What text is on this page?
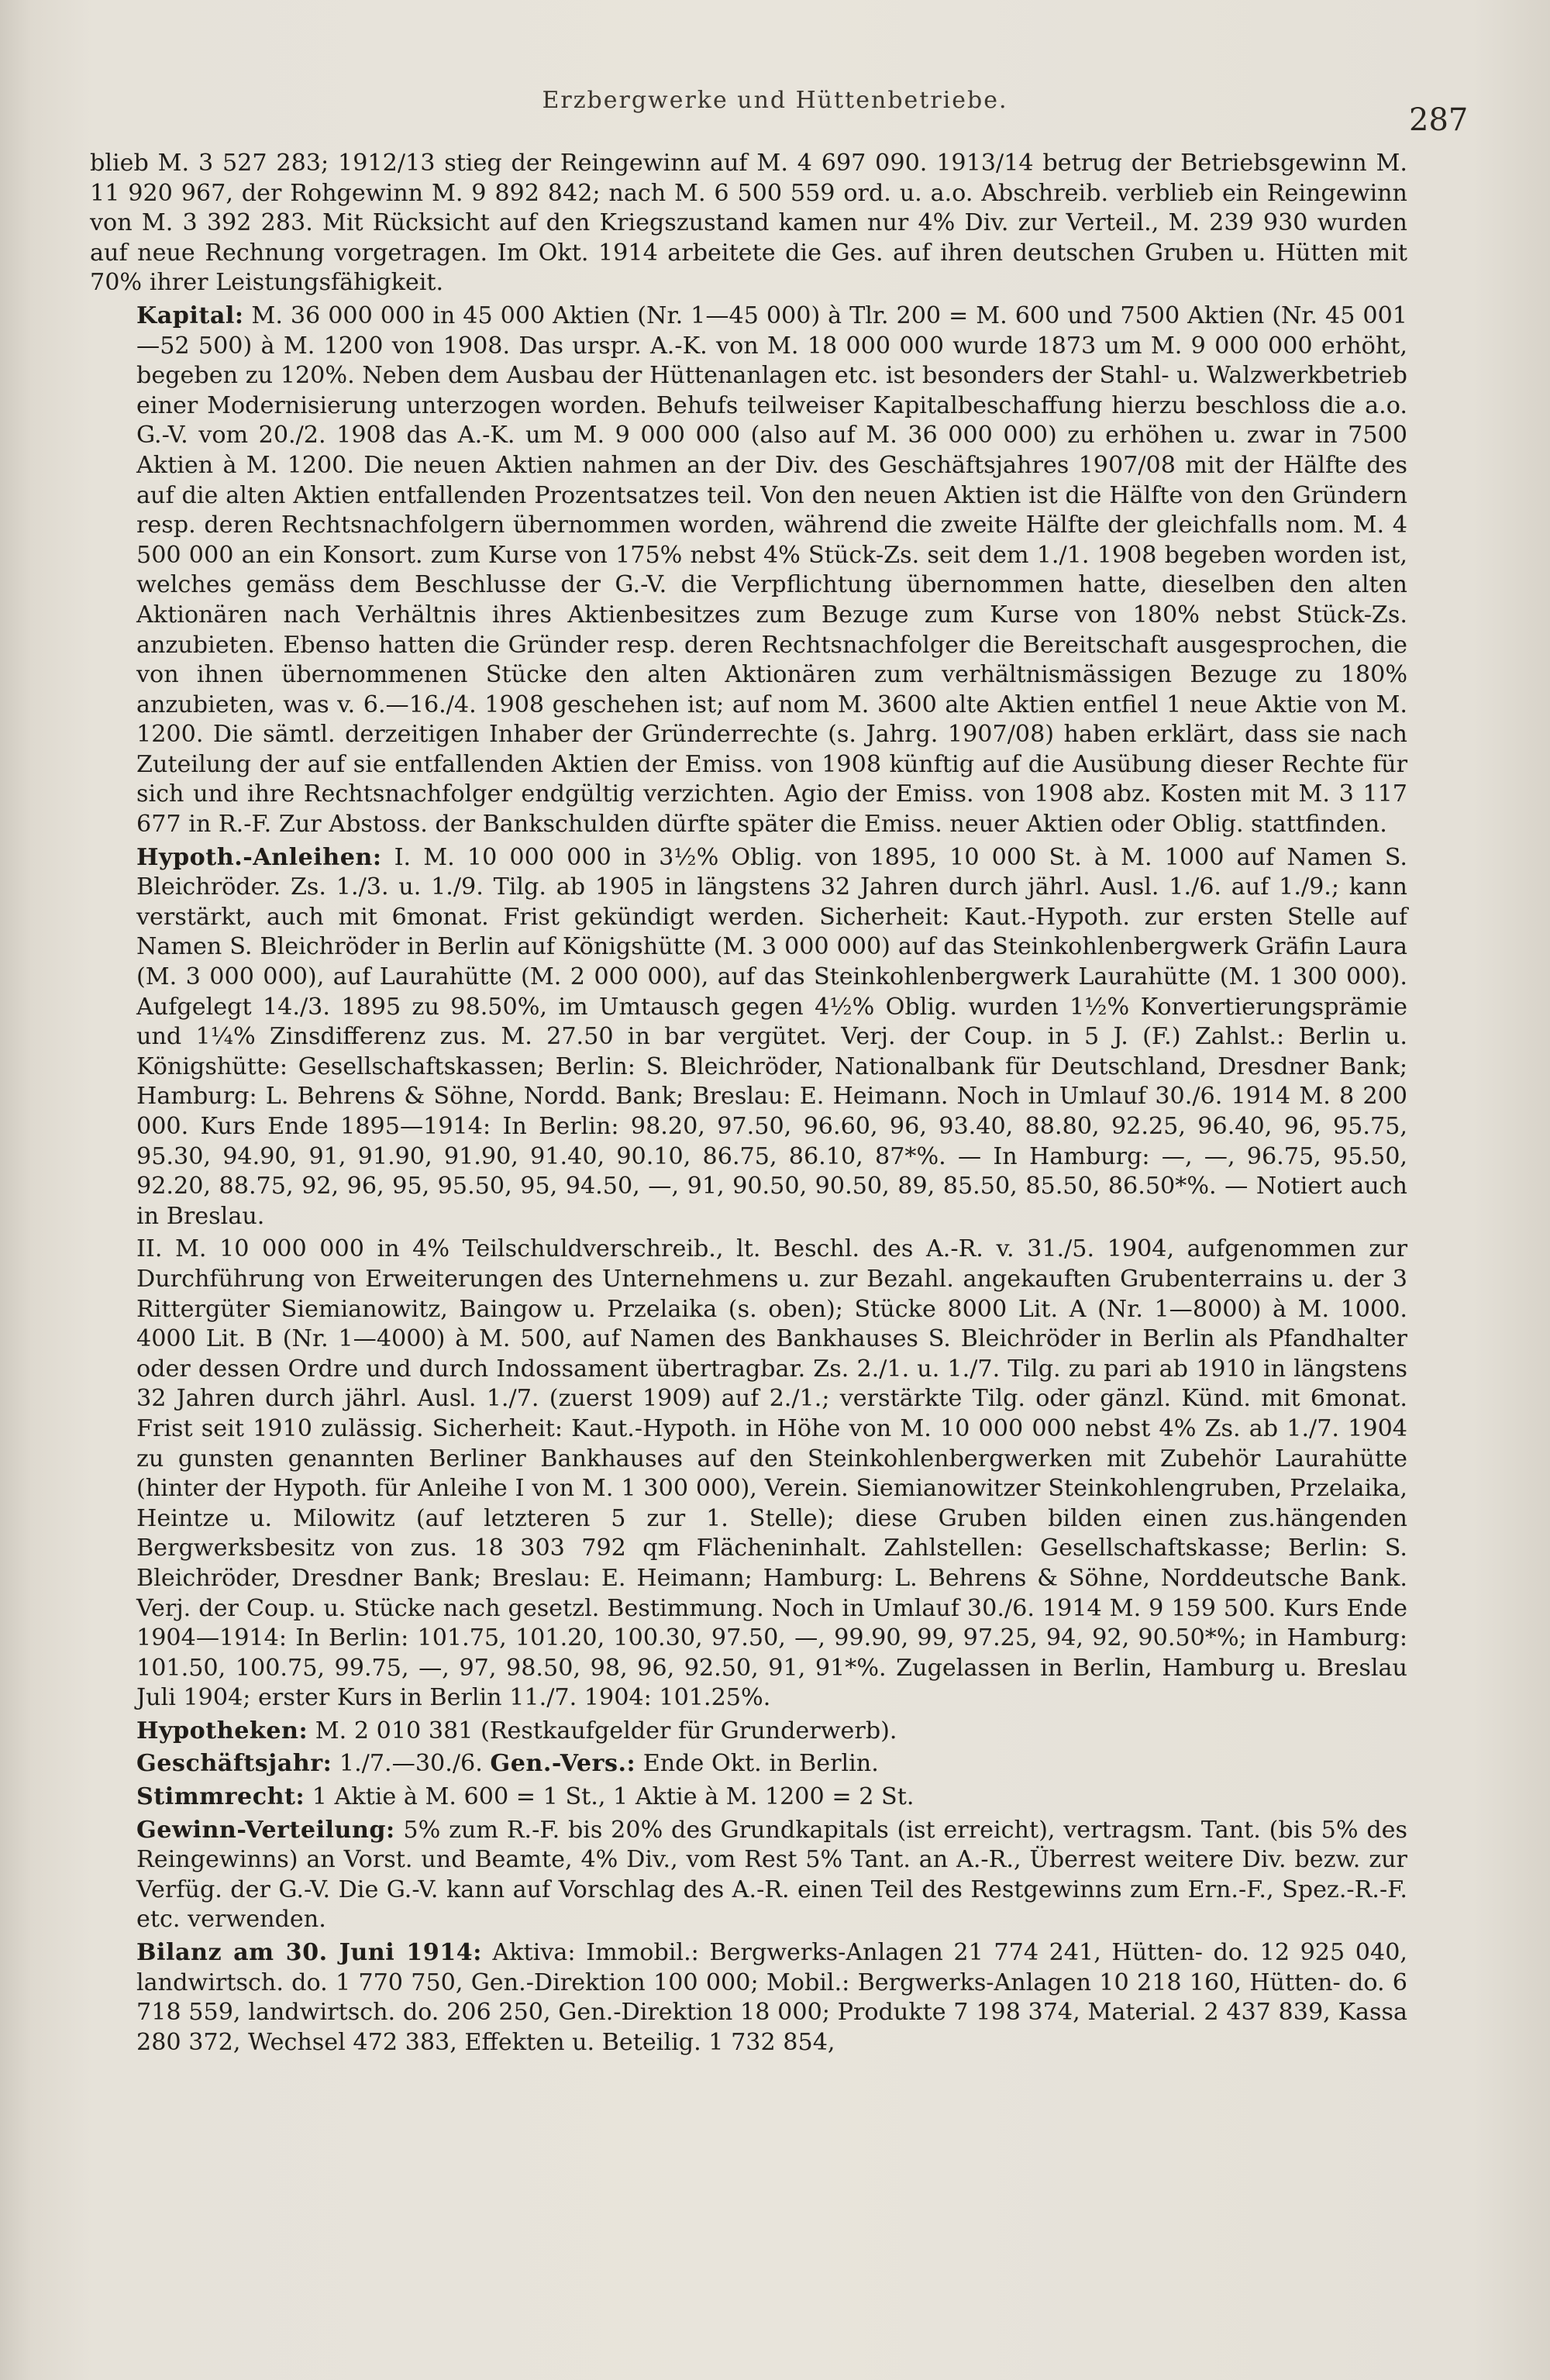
Erzbergwerke und Hüttenbetriebe.
287

blieb M. 3 527 283; 1912/13 stieg der Reingewinn auf M. 4 697 090. 1913/14 betrug der Betriebsgewinn M. 11 920 967, der Rohgewinn M. 9 892 842; nach M. 6 500 559 ord. u. a.o. Abschreib. verblieb ein Reingewinn von M. 3 392 283. Mit Rücksicht auf den Kriegszustand kamen nur 4% Div. zur Verteil., M. 239 930 wurden auf neue Rechnung vorgetragen. Im Okt. 1914 arbeitete die Ges. auf ihren deutschen Gruben u. Hütten mit 70% ihrer Leistungsfähigkeit.

Kapital: M. 36 000 000 in 45 000 Aktien (Nr. 1—45 000) à Tlr. 200 = M. 600 und 7500 Aktien (Nr. 45 001—52 500) à M. 1200 von 1908. Das urspr. A.-K. von M. 18 000 000 wurde 1873 um M. 9 000 000 erhöht, begeben zu 120%. Neben dem Ausbau der Hüttenanlagen etc. ist besonders der Stahl- u. Walzwerkbetrieb einer Modernisierung unterzogen worden. Behufs teilweiser Kapitalbeschaffung hierzu beschloss die a.o. G.-V. vom 20./2. 1908 das A.-K. um M. 9 000 000 (also auf M. 36 000 000) zu erhöhen u. zwar in 7500 Aktien à M. 1200. Die neuen Aktien nahmen an der Div. des Geschäftsjahres 1907/08 mit der Hälfte des auf die alten Aktien entfallenden Prozentsatzes teil. Von den neuen Aktien ist die Hälfte von den Gründern resp. deren Rechtsnachfolgern übernommen worden, während die zweite Hälfte der gleichfalls nom. M. 4 500 000 an ein Konsort. zum Kurse von 175% nebst 4% Stück-Zs. seit dem 1./1. 1908 begeben worden ist, welches gemäss dem Beschlusse der G.-V. die Verpflichtung übernommen hatte, dieselben den alten Aktionären nach Verhältnis ihres Aktienbesitzes zum Bezuge zum Kurse von 180% nebst Stück-Zs. anzubieten. Ebenso hatten die Gründer resp. deren Rechtsnachfolger die Bereitschaft ausgesprochen, die von ihnen übernommenen Stücke den alten Aktionären zum verhältnismässigen Bezuge zu 180% anzubieten, was v. 6.—16./4. 1908 geschehen ist; auf nom M. 3600 alte Aktien entfiel 1 neue Aktie von M. 1200. Die sämtl. derzeitigen Inhaber der Gründerrechte (s. Jahrg. 1907/08) haben erklärt, dass sie nach Zuteilung der auf sie entfallenden Aktien der Emiss. von 1908 künftig auf die Ausübung dieser Rechte für sich und ihre Rechtsnachfolger endgültig verzichten. Agio der Emiss. von 1908 abz. Kosten mit M. 3 117 677 in R.-F. Zur Abstoss. der Bankschulden dürfte später die Emiss. neuer Aktien oder Oblig. stattfinden.

Hypoth.-Anleihen: I. M. 10 000 000 in 3½% Oblig. von 1895, 10 000 St. à M. 1000 auf Namen S. Bleichröder. Zs. 1./3. u. 1./9. Tilg. ab 1905 in längstens 32 Jahren durch jährl. Ausl. 1./6. auf 1./9.; kann verstärkt, auch mit 6monat. Frist gekündigt werden. Sicherheit: Kaut.-Hypoth. zur ersten Stelle auf Namen S. Bleichröder in Berlin auf Königshütte (M. 3 000 000) auf das Steinkohlenbergwerk Gräfin Laura (M. 3 000 000), auf Laurahütte (M. 2 000 000), auf das Steinkohlenbergwerk Laurahütte (M. 1 300 000). Aufgelegt 14./3. 1895 zu 98.50%, im Umtausch gegen 4½% Oblig. wurden 1½% Konvertierungsprämie und 1¼% Zinsdifferenz zus. M. 27.50 in bar vergütet. Verj. der Coup. in 5 J. (F.) Zahlst.: Berlin u. Königshütte: Gesellschaftskassen; Berlin: S. Bleichröder, Nationalbank für Deutschland, Dresdner Bank; Hamburg: L. Behrens & Söhne, Nordd. Bank; Breslau: E. Heimann. Noch in Umlauf 30./6. 1914 M. 8 200 000. Kurs Ende 1895—1914: In Berlin: 98.20, 97.50, 96.60, 96, 93.40, 88.80, 92.25, 96.40, 96, 95.75, 95.30, 94.90, 91, 91.90, 91.90, 91.40, 90.10, 86.75, 86.10, 87*%. — In Hamburg: —, —, 96.75, 95.50, 92.20, 88.75, 92, 96, 95, 95.50, 95, 94.50, —, 91, 90.50, 90.50, 89, 85.50, 85.50, 86.50*%. — Notiert auch in Breslau.

II. M. 10 000 000 in 4% Teilschuldverschreib., lt. Beschl. des A.-R. v. 31./5. 1904, aufgenommen zur Durchführung von Erweiterungen des Unternehmens u. zur Bezahl. angekauften Grubenterrains u. der 3 Rittergüter Siemianowitz, Baingow u. Przelaika (s. oben); Stücke 8000 Lit. A (Nr. 1—8000) à M. 1000. 4000 Lit. B (Nr. 1—4000) à M. 500, auf Namen des Bankhauses S. Bleichröder in Berlin als Pfandhalter oder dessen Ordre und durch Indossament übertragbar. Zs. 2./1. u. 1./7. Tilg. zu pari ab 1910 in längstens 32 Jahren durch jährl. Ausl. 1./7. (zuerst 1909) auf 2./1.; verstärkte Tilg. oder gänzl. Künd. mit 6monat. Frist seit 1910 zulässig. Sicherheit: Kaut.-Hypoth. in Höhe von M. 10 000 000 nebst 4% Zs. ab 1./7. 1904 zu gunsten genannten Berliner Bankhauses auf den Steinkohlenbergwerken mit Zubehör Laurahütte (hinter der Hypoth. für Anleihe I von M. 1 300 000), Verein. Siemianowitzer Steinkohlengruben, Przelaika, Heintze u. Milowitz (auf letzteren 5 zur 1. Stelle); diese Gruben bilden einen zus.hängenden Bergwerksbesitz von zus. 18 303 792 qm Flächeninhalt. Zahlstellen: Gesellschaftskasse; Berlin: S. Bleichröder, Dresdner Bank; Breslau: E. Heimann; Hamburg: L. Behrens & Söhne, Norddeutsche Bank. Verj. der Coup. u. Stücke nach gesetzl. Bestimmung. Noch in Umlauf 30./6. 1914 M. 9 159 500. Kurs Ende 1904—1914: In Berlin: 101.75, 101.20, 100.30, 97.50, —, 99.90, 99, 97.25, 94, 92, 90.50*%; in Hamburg: 101.50, 100.75, 99.75, —, 97, 98.50, 98, 96, 92.50, 91, 91*%. Zugelassen in Berlin, Hamburg u. Breslau Juli 1904; erster Kurs in Berlin 11./7. 1904: 101.25%.

Hypotheken: M. 2 010 381 (Restkaufgelder für Grunderwerb).

Geschäftsjahr: 1./7.—30./6. Gen.-Vers.: Ende Okt. in Berlin.

Stimmrecht: 1 Aktie à M. 600 = 1 St., 1 Aktie à M. 1200 = 2 St.

Gewinn-Verteilung: 5% zum R.-F. bis 20% des Grundkapitals (ist erreicht), vertragsm. Tant. (bis 5% des Reingewinns) an Vorst. und Beamte, 4% Div., vom Rest 5% Tant. an A.-R., Überrest weitere Div. bezw. zur Verfüg. der G.-V. Die G.-V. kann auf Vorschlag des A.-R. einen Teil des Restgewinns zum Ern.-F., Spez.-R.-F. etc. verwenden.

Bilanz am 30. Juni 1914: Aktiva: Immobil.: Bergwerks-Anlagen 21 774 241, Hütten- do. 12 925 040, landwirtsch. do. 1 770 750, Gen.-Direktion 100 000; Mobil.: Bergwerks-Anlagen 10 218 160, Hütten- do. 6 718 559, landwirtsch. do. 206 250, Gen.-Direktion 18 000; Produkte 7 198 374, Material. 2 437 839, Kassa 280 372, Wechsel 472 383, Effekten u. Beteilig. 1 732 854,
